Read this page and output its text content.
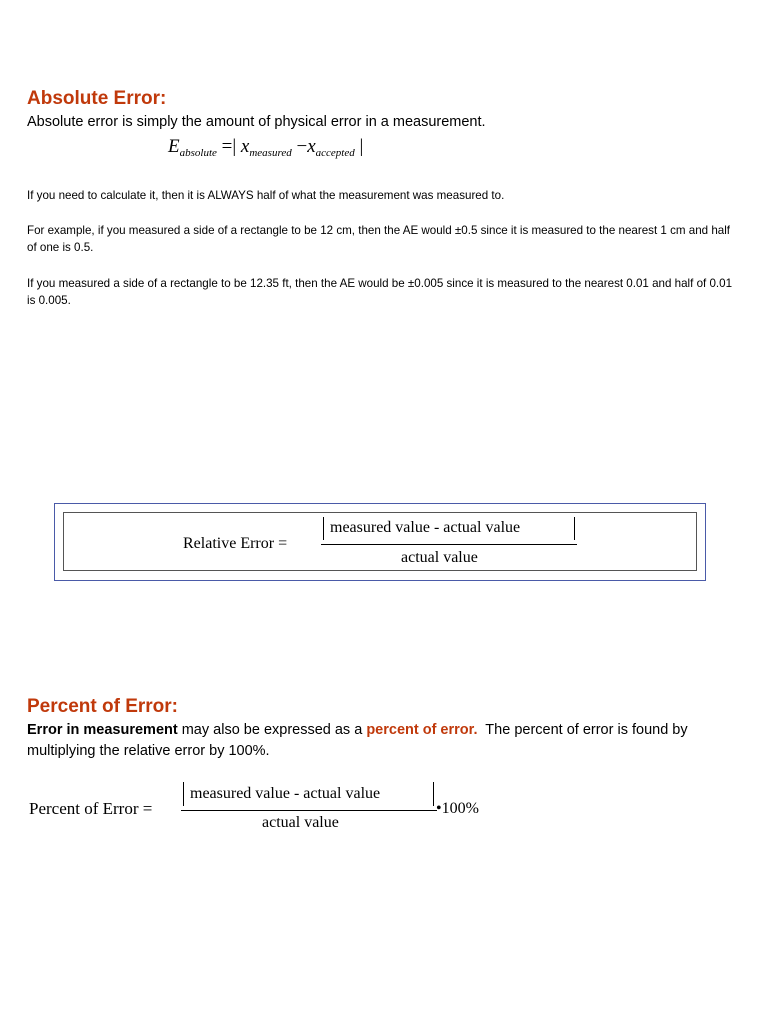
Absolute Error:
Absolute error is simply the amount of physical error in a measurement.
$E_{absolute}$ =| $x_{measured} -x_{accepted}$ |
If you need to calculate it, then it is ALWAYS half of what the measurement was measured to.
For example, if you measured a side of a rectangle to be 12 cm, then the AE would ±0.5 since it is measured to the nearest 1 cm and half of one is 0.5.
If you measured a side of a rectangle to be 12.35 ft, then the AE would be ±0.005 since it is measured to the nearest 0.01 and half of 0.01 is 0.005.
Relative Error =
measured value - actual value
actual value
Percent of Error:
Error in measurement may also be expressed as a percent of error.  The percent of error is found by
multiplying the relative error by 100%.
Percent of Error =
measured value - actual value
actual value
•100%
